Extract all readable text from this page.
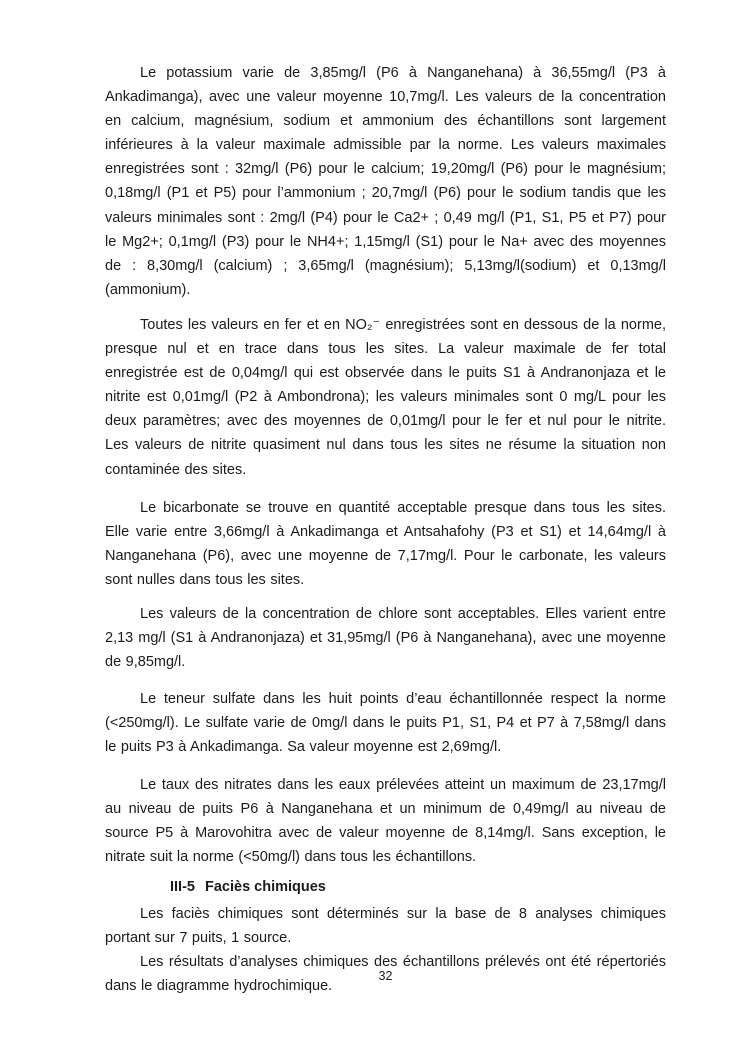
Le potassium varie de 3,85mg/l (P6 à Nanganehana) à 36,55mg/l (P3 à Ankadimanga), avec une valeur moyenne 10,7mg/l. Les valeurs de la concentration en calcium, magnésium, sodium et ammonium des échantillons sont largement inférieures à la valeur maximale admissible par la norme. Les valeurs maximales enregistrées sont : 32mg/l (P6) pour le calcium; 19,20mg/l (P6) pour le magnésium; 0,18mg/l (P1 et P5) pour l’ammonium ; 20,7mg/l (P6) pour le sodium tandis que les valeurs minimales sont : 2mg/l (P4) pour le Ca2+ ; 0,49 mg/l (P1, S1, P5 et P7) pour le Mg2+; 0,1mg/l (P3) pour le NH4+; 1,15mg/l (S1) pour le Na+ avec des moyennes de : 8,30mg/l (calcium) ; 3,65mg/l (magnésium); 5,13mg/l(sodium) et 0,13mg/l (ammonium).

Toutes les valeurs en fer et en NO₂⁻ enregistrées sont en dessous de la norme, presque nul et en trace dans tous les sites. La valeur maximale de fer total enregistrée est de 0,04mg/l qui est observée dans le puits S1 à Andranonjaza et le nitrite est 0,01mg/l (P2 à Ambondrona); les valeurs minimales sont 0 mg/L pour les deux paramètres; avec des moyennes de 0,01mg/l pour le fer et nul pour le nitrite. Les valeurs de nitrite quasiment nul dans tous les sites ne résume la situation non contaminée des sites.

Le bicarbonate se trouve en quantité acceptable presque dans tous les sites. Elle varie entre 3,66mg/l à Ankadimanga et Antsahafohy (P3 et S1) et 14,64mg/l à Nanganehana (P6), avec une moyenne de 7,17mg/l. Pour le carbonate, les valeurs sont nulles dans tous les sites.

Les valeurs de la concentration de chlore sont acceptables. Elles varient entre 2,13 mg/l (S1 à Andranonjaza) et 31,95mg/l (P6 à Nanganehana), avec une moyenne de 9,85mg/l.

Le teneur sulfate dans les huit points d’eau échantillonnée respect la norme (<250mg/l). Le sulfate varie de 0mg/l dans le puits P1, S1, P4 et P7 à 7,58mg/l dans le puits P3 à Ankadimanga. Sa valeur moyenne est 2,69mg/l.

Le taux des nitrates dans les eaux prélevées atteint un maximum de 23,17mg/l au niveau de puits P6 à Nanganehana et un minimum de 0,49mg/l au niveau de source P5 à Marovohitra avec de valeur moyenne de 8,14mg/l. Sans exception, le nitrate suit la norme (<50mg/l) dans tous les échantillons.

III-5 Faciès chimiques

Les faciès chimiques sont déterminés sur la base de 8 analyses chimiques portant sur 7 puits, 1 source.

Les résultats d’analyses chimiques des échantillons prélevés ont été répertoriés dans le diagramme hydrochimique.

32
